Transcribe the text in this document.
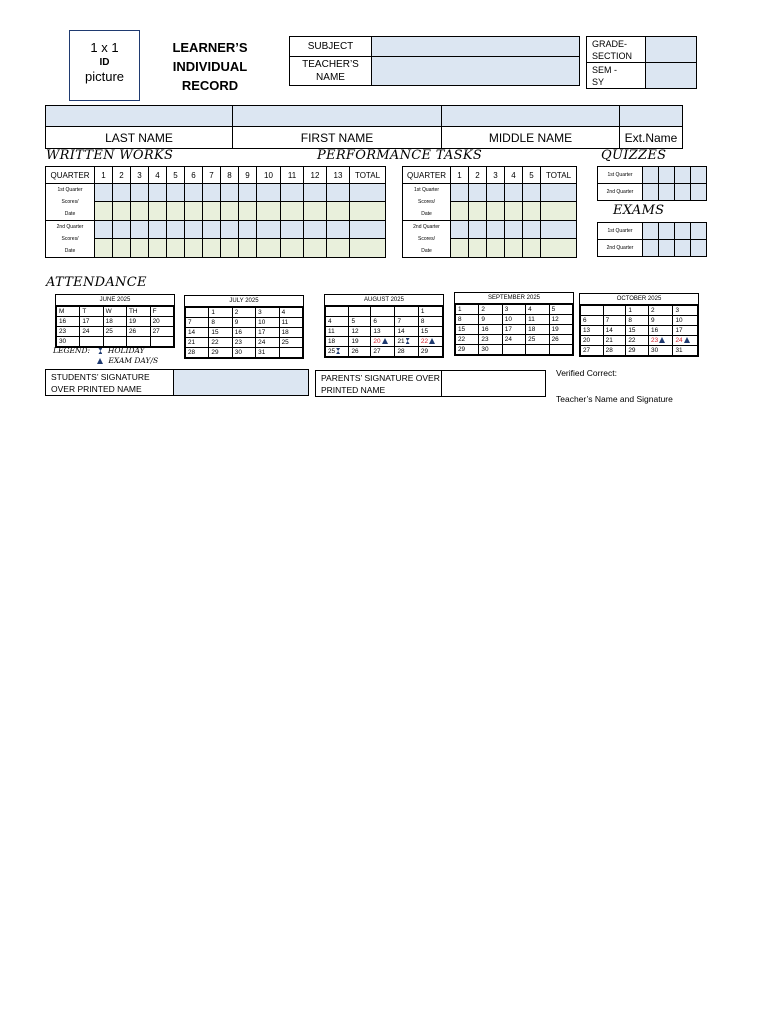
1 x 1
ID
picture
LEARNER’S
INDIVIDUAL
RECORD
SUBJECT	

TEACHER’S
NAME	

GRADE-
SECTION	

SEM -
SY	

LAST NAME	FIRST NAME	MIDDLE NAME	Ext.Name
WRITTEN WORKS	PERFORMANCE TASKS	QUIZZES
EXAMS
ATTENDANCE
QUARTER	1	2	3	4	5	6	7	8	9	10	11	12	13	TOTAL

1st Quarter
Scores/
Date														

2nd Quarter
Scores/
Date														

QUARTER	1	2	3	4	5	TOTAL

1st Quarter
Scores/
Date						

2nd Quarter
Scores/
Date						

1st Quarter				
2nd Quarter				
1st Quarter				
2nd Quarter				
JUNE 2025
M	T	W	TH	F
16	17	18	19	20
23	24	25	26	27
30				
LEGEND: HOLIDAY
EXAM DAY/S
JULY 2025
	1	2	3	4
7	8	9	10	11
14	15	16	17	18
21	22	23	24	25
28	29	30	31	
AUGUST 2025
				1
4	5	6	7	8
11	12	13	14	15
18	19	20	21	22
25	26	27	28	29
SEPTEMBER 2025
1	2	3	4	5
8	9	10	11	12
15	16	17	18	19
22	23	24	25	26
29	30			
OCTOBER 2025
		1	2	3
6	7	8	9	10
13	14	15	16	17
20	21	22	23	24
27	28	29	30	31
STUDENTS’ SIGNATURE
OVER PRINTED NAME

PARENTS’ SIGNATURE OVER
PRINTED NAME

Verified Correct:
Teacher’s Name and Signature
